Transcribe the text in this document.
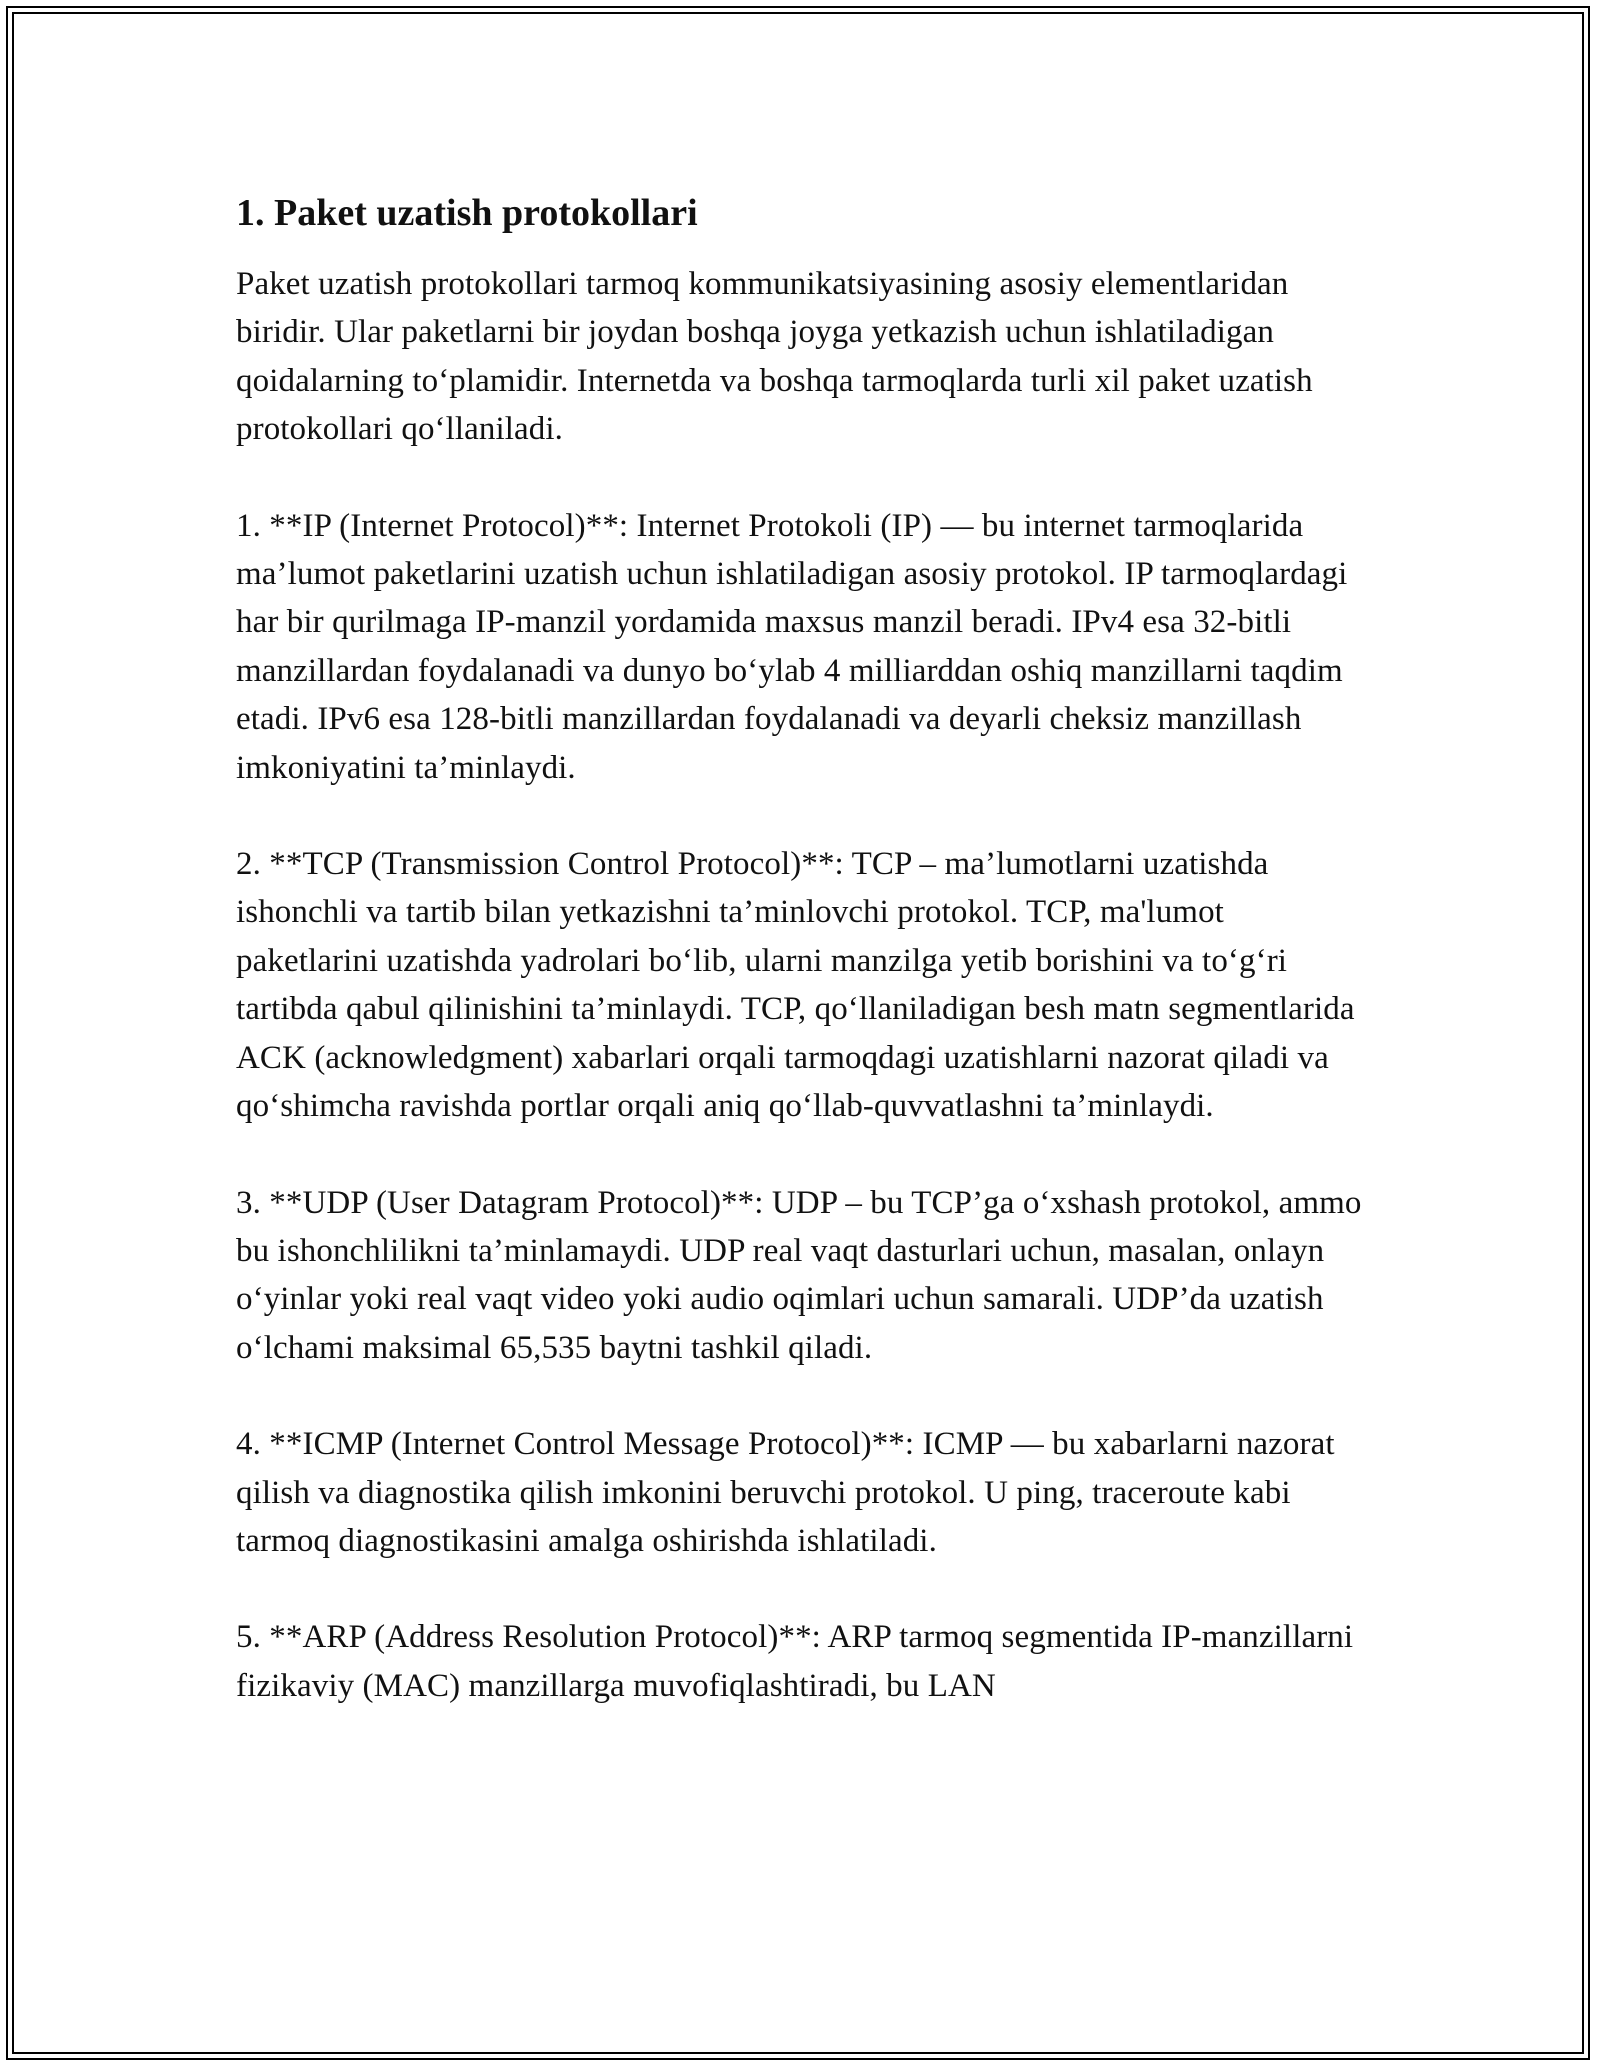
1. Paket uzatish protokollari

Paket uzatish protokollari tarmoq kommunikatsiyasining asosiy elementlaridan biridir. Ular paketlarni bir joydan boshqa joyga yetkazish uchun ishlatiladigan qoidalarning to‘plamidir. Internetda va boshqa tarmoqlarda turli xil paket uzatish protokollari qo‘llaniladi.

1. **IP (Internet Protocol)**: Internet Protokoli (IP) — bu internet tarmoqlarida ma’lumot paketlarini uzatish uchun ishlatiladigan asosiy protokol. IP tarmoqlardagi har bir qurilmaga IP-manzil yordamida maxsus manzil beradi. IPv4 esa 32-bitli manzillardan foydalanadi va dunyo bo‘ylab 4 milliarddan oshiq manzillarni taqdim etadi. IPv6 esa 128-bitli manzillardan foydalanadi va deyarli cheksiz manzillash imkoniyatini ta’minlaydi.

2. **TCP (Transmission Control Protocol)**: TCP – ma’lumotlarni uzatishda ishonchli va tartib bilan yetkazishni ta’minlovchi protokol. TCP, ma'lumot paketlarini uzatishda yadrolari bo‘lib, ularni manzilga yetib borishini va to‘g‘ri tartibda qabul qilinishini ta’minlaydi. TCP, qo‘llaniladigan besh matn segmentlarida ACK (acknowledgment) xabarlari orqali tarmoqdagi uzatishlarni nazorat qiladi va qo‘shimcha ravishda portlar orqali aniq qo‘llab-quvvatlashni ta’minlaydi.

3. **UDP (User Datagram Protocol)**: UDP – bu TCP’ga o‘xshash protokol, ammo bu ishonchlilikni ta’minlamaydi. UDP real vaqt dasturlari uchun, masalan, onlayn o‘yinlar yoki real vaqt video yoki audio oqimlari uchun samarali. UDP’da uzatish o‘lchami maksimal 65,535 baytni tashkil qiladi.

4. **ICMP (Internet Control Message Protocol)**: ICMP — bu xabarlarni nazorat qilish va diagnostika qilish imkonini beruvchi protokol. U ping, traceroute kabi tarmoq diagnostikasini amalga oshirishda ishlatiladi.

5. **ARP (Address Resolution Protocol)**: ARP tarmoq segmentida IP-manzillarni fizikaviy (MAC) manzillarga muvofiqlashtiradi, bu LAN
